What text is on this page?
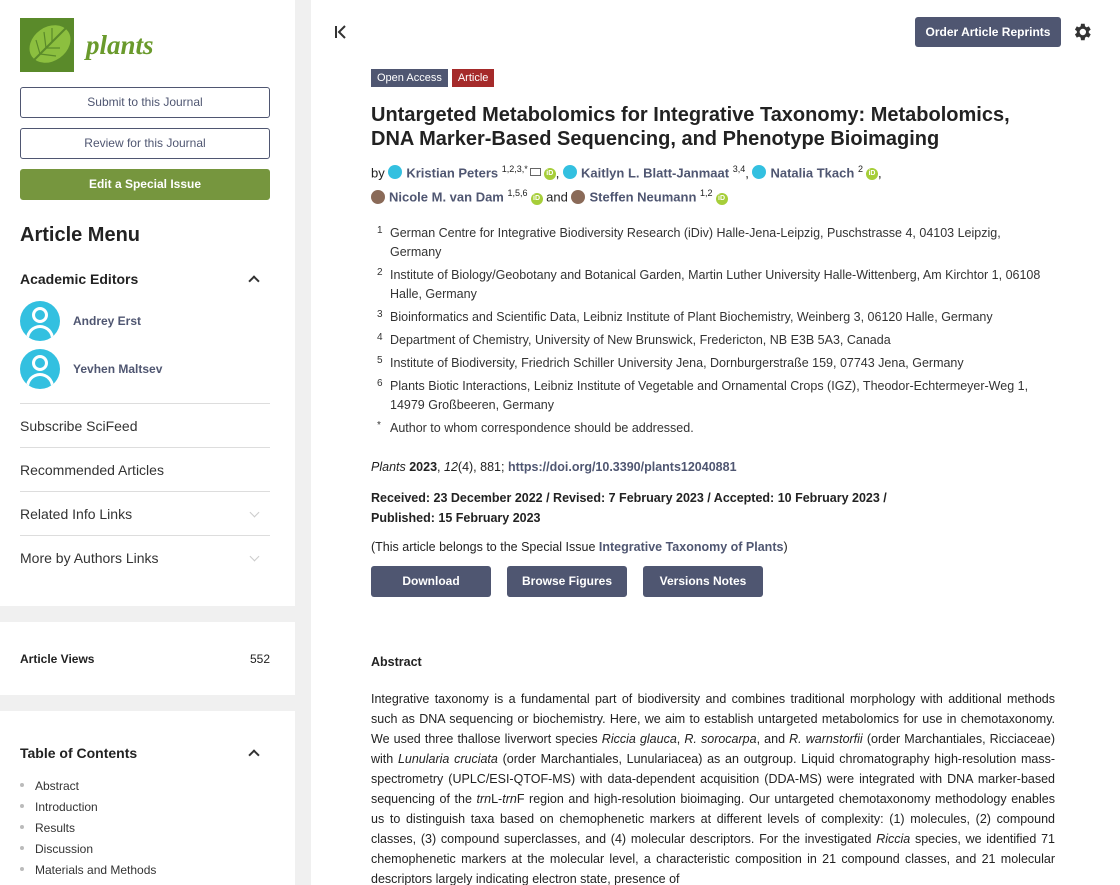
plants
Submit to this Journal
Review for this Journal
Edit a Special Issue
Article Menu
Academic Editors
Andrey Erst
Yevhen Maltsev
Subscribe SciFeed
Recommended Articles
Related Info Links
More by Authors Links
Article Views	552
Table of Contents
Abstract
Introduction
Results
Discussion
Materials and Methods
Order Article Reprints
Open Access	Article
Untargeted Metabolomics for Integrative Taxonomy: Metabolomics, DNA Marker-Based Sequencing, and Phenotype Bioimaging
by Kristian Peters $^{1,2,3,*}$	iD , Kaitlyn L. Blatt-Janmaat $^{3,4}$, Natalia Tkach $^2$ iD ,
Nicole M. van Dam $^{1,5,6}$ iD and Steffen Neumann $^{1,2}$ iD
1 German Centre for Integrative Biodiversity Research (iDiv) Halle-Jena-Leipzig, Puschstrasse 4, 04103 Leipzig, Germany
2 Institute of Biology/Geobotany and Botanical Garden, Martin Luther University Halle-Wittenberg, Am Kirchtor 1, 06108 Halle, Germany
3 Bioinformatics and Scientific Data, Leibniz Institute of Plant Biochemistry, Weinberg 3, 06120 Halle, Germany
4 Department of Chemistry, University of New Brunswick, Fredericton, NB E3B 5A3, Canada
5 Institute of Biodiversity, Friedrich Schiller University Jena, Dornburgerstraße 159, 07743 Jena, Germany
6 Plants Biotic Interactions, Leibniz Institute of Vegetable and Ornamental Crops (IGZ), Theodor-Echtermeyer-Weg 1, 14979 Großbeeren, Germany
* Author to whom correspondence should be addressed.
Plants 2023, 12(4), 881; https://doi.org/10.3390/plants12040881
Received: 23 December 2022 / Revised: 7 February 2023 / Accepted: 10 February 2023 /
Published: 15 February 2023
(This article belongs to the Special Issue Integrative Taxonomy of Plants)
Download	Browse Figures	Versions Notes
Abstract
Integrative taxonomy is a fundamental part of biodiversity and combines traditional morphology with additional methods such as DNA sequencing or biochemistry. Here, we aim to establish untargeted metabolomics for use in chemotaxonomy. We used three thallose liverwort species Riccia glauca, R. sorocarpa, and R. warnstorfii (order Marchantiales, Ricciaceae) with Lunularia cruciata (order Marchantiales, Lunulariacea) as an outgroup. Liquid chromatography high-resolution mass-spectrometry (UPLC/ESI-QTOF-MS) with data-dependent acquisition (DDA-MS) were integrated with DNA marker-based sequencing of the trnL-trnF region and high-resolution bioimaging. Our untargeted chemotaxonomy methodology enables us to distinguish taxa based on chemophenetic markers at different levels of complexity: (1) molecules, (2) compound classes, (3) compound superclasses, and (4) molecular descriptors. For the investigated Riccia species, we identified 71 chemophenetic markers at the molecular level, a characteristic composition in 21 compound classes, and 21 molecular descriptors largely indicating electron state, presence of
